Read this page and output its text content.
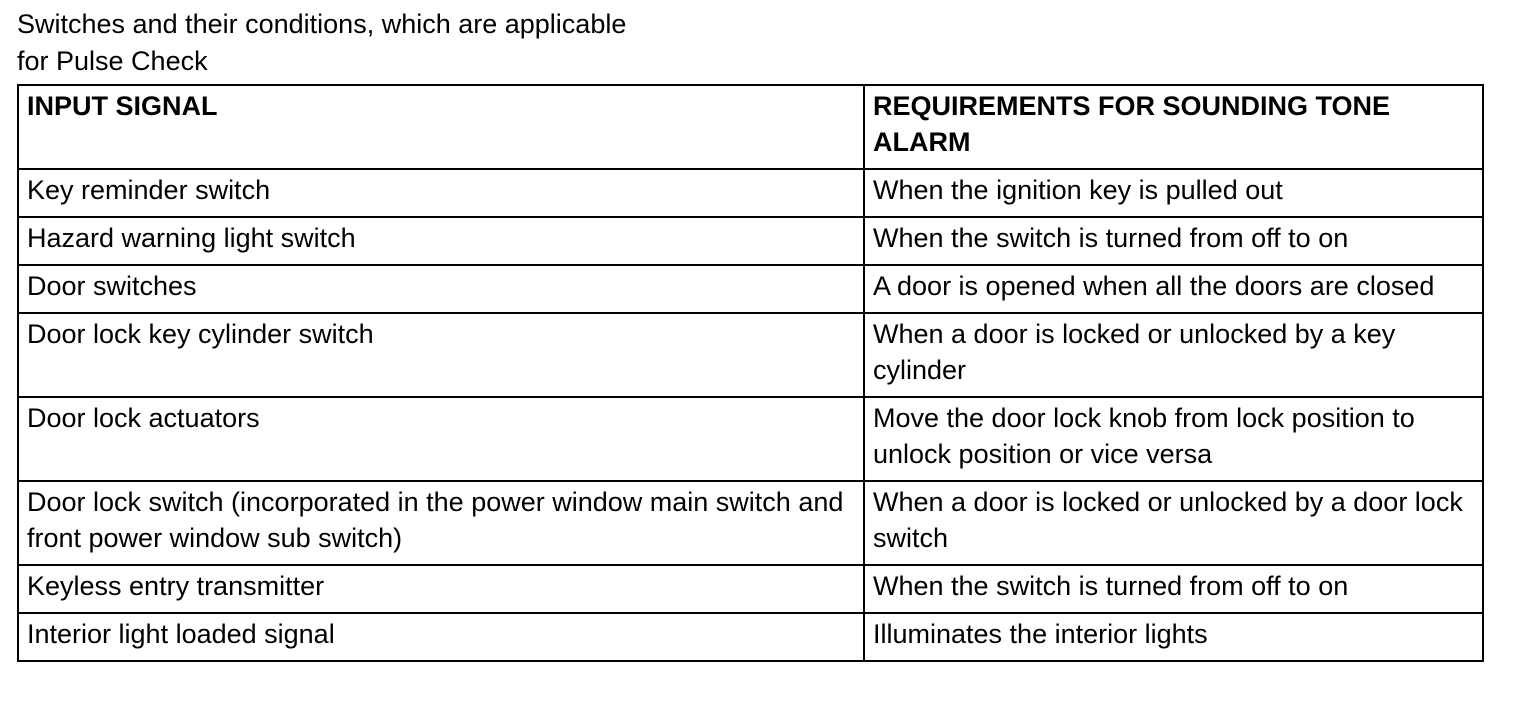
Switches and their conditions, which are applicable
for Pulse Check
INPUT SIGNAL	REQUIREMENTS FOR SOUNDING TONE ALARM
Key reminder switch	When the ignition key is pulled out
Hazard warning light switch	When the switch is turned from off to on
Door switches	A door is opened when all the doors are closed
Door lock key cylinder switch	When a door is locked or unlocked by a key cylinder
Door lock actuators	Move the door lock knob from lock position to unlock position or vice versa
Door lock switch (incorporated in the power window main switch and front power window sub switch)	When a door is locked or unlocked by a door lock switch
Keyless entry transmitter	When the switch is turned from off to on
Interior light loaded signal	Illuminates the interior lights
